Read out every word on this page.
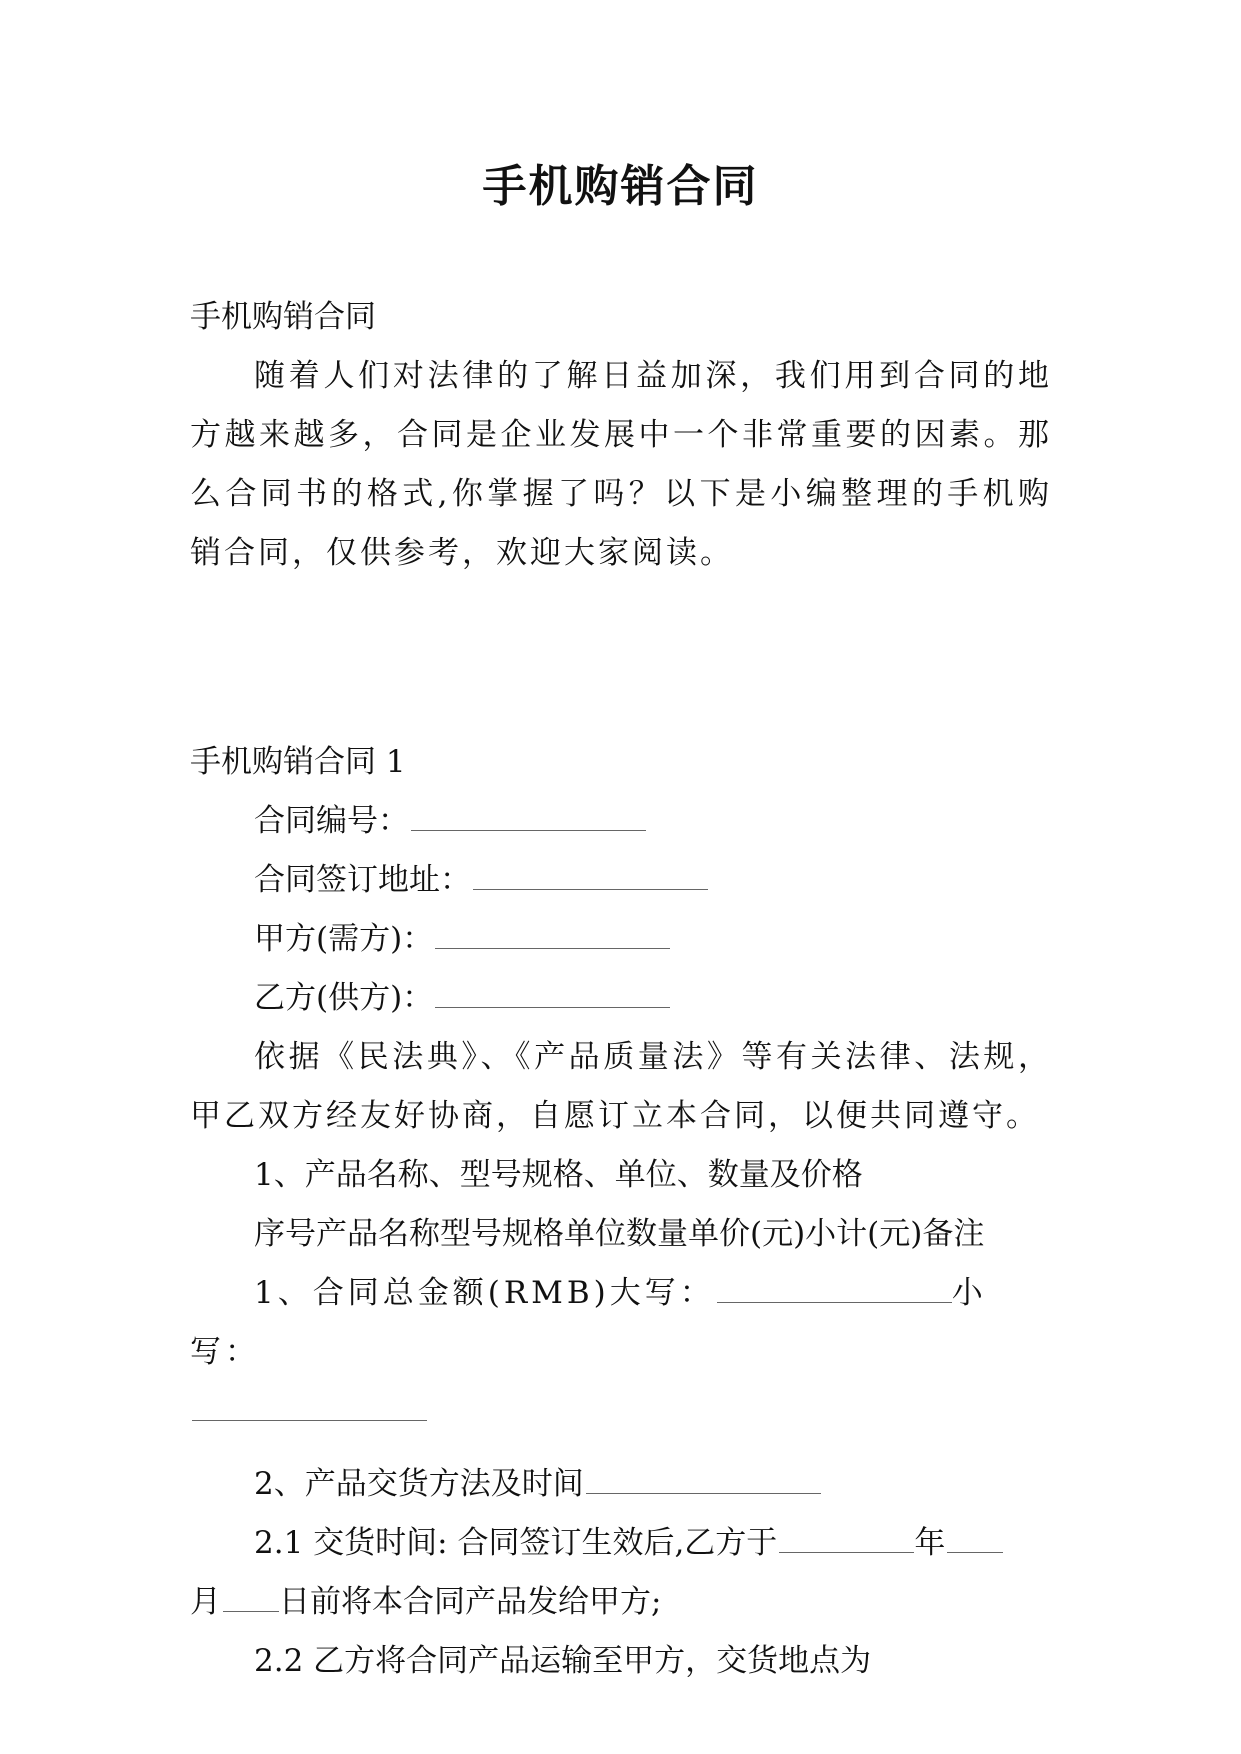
手机购销合同

手机购销合同

随着人们对法律的了解日益加深，我们用到合同的地方越来越多，合同是企业发展中一个非常重要的因素。那么合同书的格式,你掌握了吗？以下是小编整理的手机购销合同，仅供参考，欢迎大家阅读。

手机购销合同 1

合同编号：

合同签订地址：

甲方(需方)：

乙方(供方)：

依据《民法典》、《产品质量法》等有关法律、法规，甲乙双方经友好协商，自愿订立本合同，以便共同遵守。

1、产品名称、型号规格、单位、数量及价格

序号产品名称型号规格单位数量单价(元)小计(元)备注

1、合同总金额(RMB)大写：	小写：

2、产品交货方法及时间

2.1 交货时间: 合同签订生效后,乙方于	年

月 日前将本合同产品发给甲方;

2.2 乙方将合同产品运输至甲方，交货地点为
